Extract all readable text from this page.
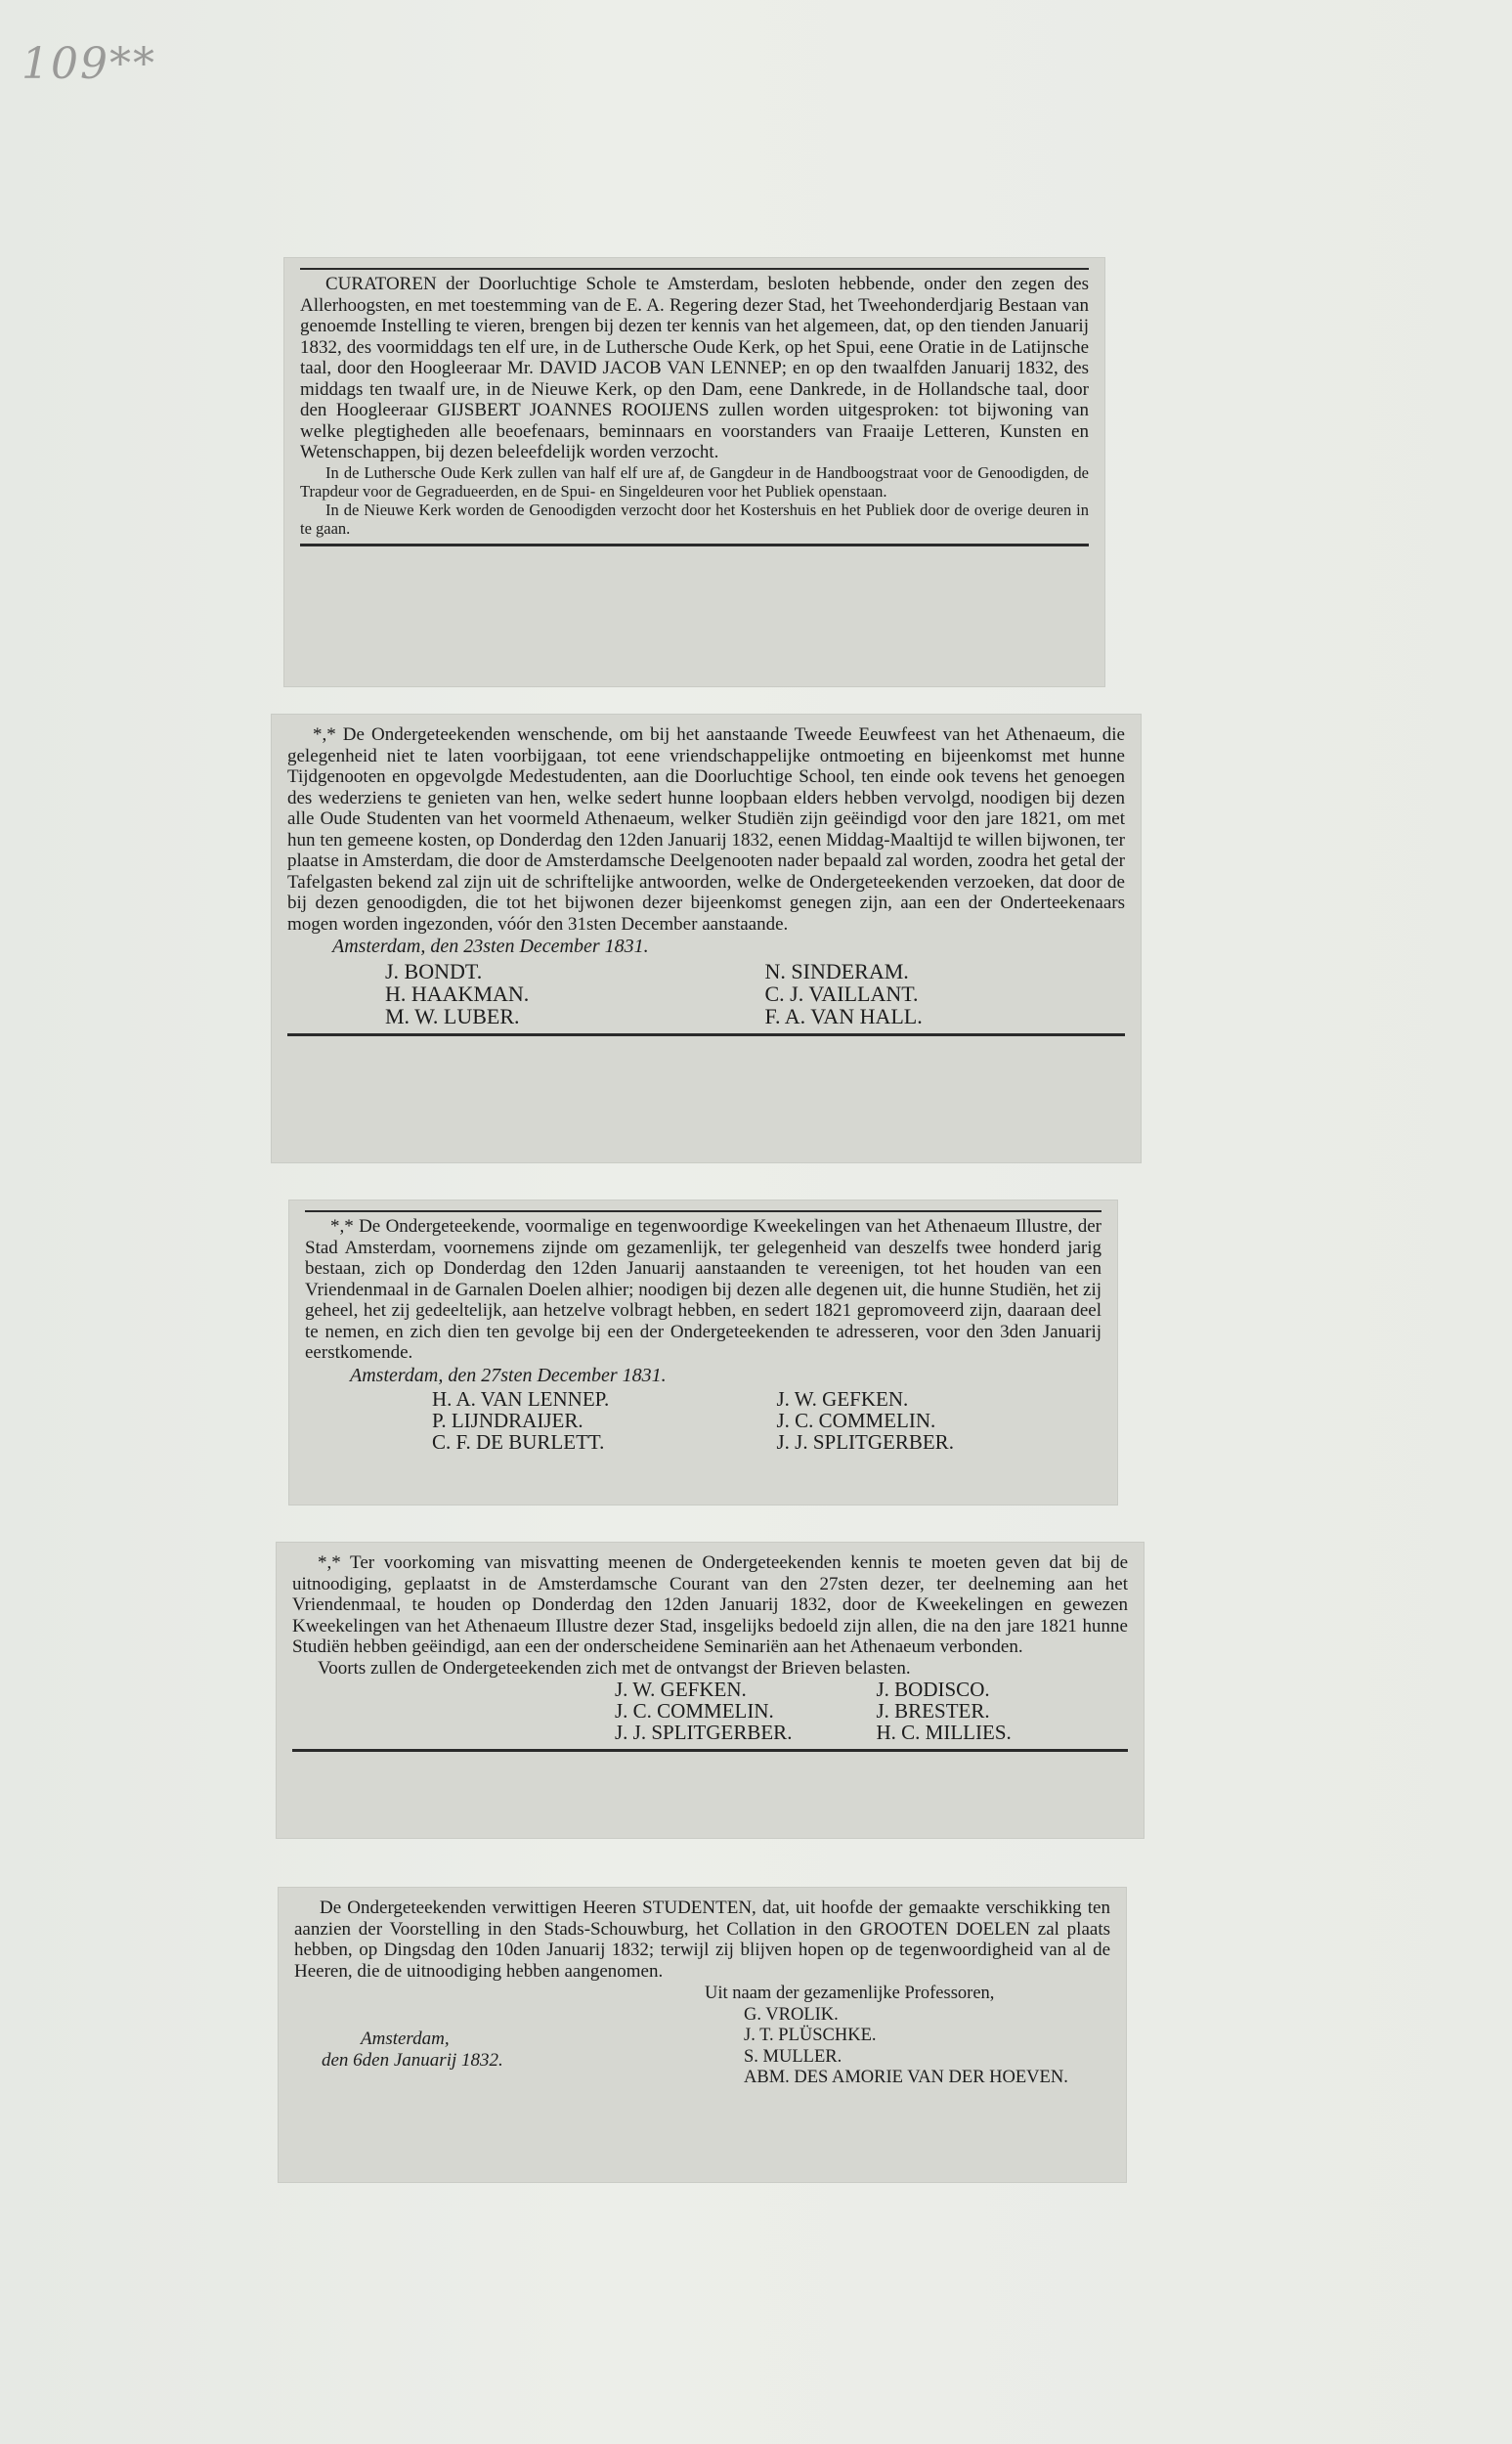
109**

CURATOREN der Doorluchtige Schole te Amsterdam, besloten hebbende, onder den zegen des Allerhoogsten, en met toestemming van de E. A. Regering dezer Stad, het Tweehonderdjarig Bestaan van genoemde Instelling te vieren, brengen bij dezen ter kennis van het algemeen, dat, op den tienden Januarij 1832, des voormiddags ten elf ure, in de Luthersche Oude Kerk, op het Spui, eene Oratie in de Latijnsche taal, door den Hoogleeraar Mr. DAVID JACOB VAN LENNEP; en op den twaalfden Januarij 1832, des middags ten twaalf ure, in de Nieuwe Kerk, op den Dam, eene Dankrede, in de Hollandsche taal, door den Hoogleeraar GIJSBERT JOANNES ROOIJENS zullen worden uitgesproken: tot bijwoning van welke plegtigheden alle beoefenaars, beminnaars en voorstanders van Fraaije Letteren, Kunsten en Wetenschappen, bij dezen beleefdelijk worden verzocht.

In de Luthersche Oude Kerk zullen van half elf ure af, de Gangdeur in de Handboogstraat voor de Genoodigden, de Trapdeur voor de Gegradueerden, en de Spui- en Singeldeuren voor het Publiek openstaan.

In de Nieuwe Kerk worden de Genoodigden verzocht door het Kostershuis en het Publiek door de overige deuren in te gaan.

*,* De Ondergeteekenden wenschende, om bij het aanstaande Tweede Eeuwfeest van het Athenaeum, die gelegenheid niet te laten voorbijgaan, tot eene vriendschappelijke ontmoeting en bijeenkomst met hunne Tijdgenooten en opgevolgde Medestudenten, aan die Doorluchtige School, ten einde ook tevens het genoegen des wederziens te genieten van hen, welke sedert hunne loopbaan elders hebben vervolgd, noodigen bij dezen alle Oude Studenten van het voormeld Athenaeum, welker Studiën zijn geëindigd voor den jare 1821, om met hun ten gemeene kosten, op Donderdag den 12den Januarij 1832, eenen Middag-Maaltijd te willen bijwonen, ter plaatse in Amsterdam, die door de Amsterdamsche Deelgenooten nader bepaald zal worden, zoodra het getal der Tafelgasten bekend zal zijn uit de schriftelijke antwoorden, welke de Ondergeteekenden verzoeken, dat door de bij dezen genoodigden, die tot het bijwonen dezer bijeenkomst genegen zijn, aan een der Onderteekenaars mogen worden ingezonden, vóór den 31sten December aanstaande.

Amsterdam, den 23sten December 1831.
J. BONDT.	N. SINDERAM.
H. HAAKMAN.	C. J. VAILLANT.
M. W. LUBER.	F. A. VAN HALL.

*,* De Ondergeteekende, voormalige en tegenwoordige Kweekelingen van het Athenaeum Illustre, der Stad Amsterdam, voornemens zijnde om gezamenlijk, ter gelegenheid van deszelfs twee honderd jarig bestaan, zich op Donderdag den 12den Januarij aanstaanden te vereenigen, tot het houden van een Vriendenmaal in de Garnalen Doelen alhier; noodigen bij dezen alle degenen uit, die hunne Studiën, het zij geheel, het zij gedeeltelijk, aan hetzelve volbragt hebben, en sedert 1821 gepromoveerd zijn, daaraan deel te nemen, en zich dien ten gevolge bij een der Ondergeteekenden te adresseren, voor den 3den Januarij eerstkomende.

Amsterdam, den 27sten December 1831.
H. A. VAN LENNEP.	J. W. GEFKEN.
P. LIJNDRAIJER.	J. C. COMMELIN.
C. F. DE BURLETT.	J. J. SPLITGERBER.

*,* Ter voorkoming van misvatting meenen de Ondergeteekenden kennis te moeten geven dat bij de uitnoodiging, geplaatst in de Amsterdamsche Courant van den 27sten dezer, ter deelneming aan het Vriendenmaal, te houden op Donderdag den 12den Januarij 1832, door de Kweekelingen en gewezen Kweekelingen van het Athenaeum Illustre dezer Stad, insgelijks bedoeld zijn allen, die na den jare 1821 hunne Studiën hebben geëindigd, aan een der onderscheidene Seminariën aan het Athenaeum verbonden.

Voorts zullen de Ondergeteekenden zich met de ontvangst der Brieven belasten.

J. W. GEFKEN.	J. BODISCO.
J. C. COMMELIN.	J. BRESTER.
J. J. SPLITGERBER.	H. C. MILLIES.

De Ondergeteekenden verwittigen Heeren STUDENTEN, dat, uit hoofde der gemaakte verschikking ten aanzien der Voorstelling in den Stads-Schouwburg, het Collation in den GROOTEN DOELEN zal plaats hebben, op Dingsdag den 10den Januarij 1832; terwijl zij blijven hopen op de tegenwoordigheid van al de Heeren, die de uitnoodiging hebben aangenomen.

Amsterdam,
den 6den Januarij 1832.
Uit naam der gezamenlijke Professoren,
G. VROLIK.
J. T. PLÜSCHKE.
S. MULLER.
ABM. DES AMORIE VAN DER HOEVEN.
